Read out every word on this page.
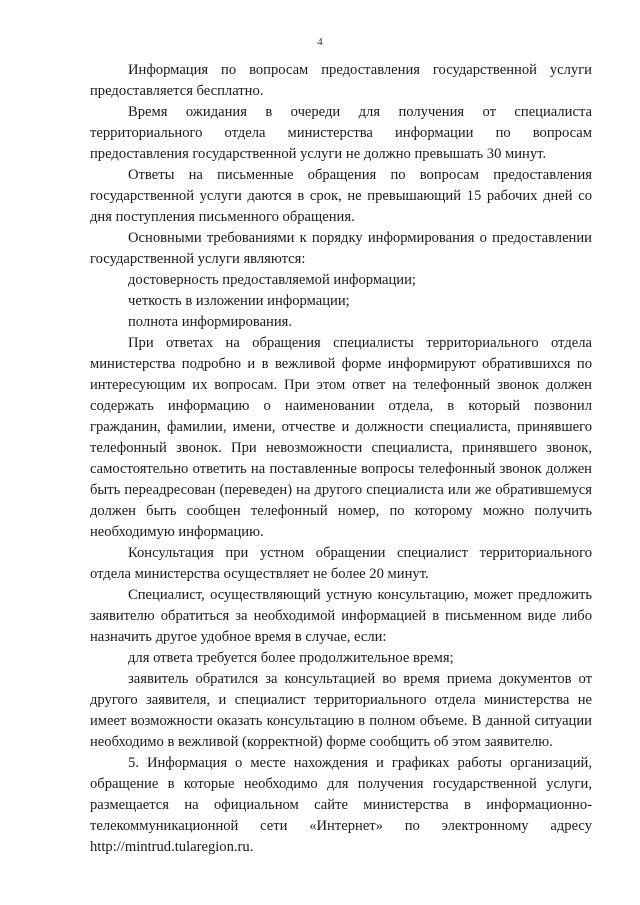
4

Информация по вопросам предоставления государственной услуги предоставляется бесплатно.

Время ожидания в очереди для получения от специалиста территориального отдела министерства информации по вопросам предоставления государственной услуги не должно превышать 30 минут.

Ответы на письменные обращения по вопросам предоставления государственной услуги даются в срок, не превышающий 15 рабочих дней со дня поступления письменного обращения.

Основными требованиями к порядку информирования о предоставлении государственной услуги являются:

достоверность предоставляемой информации;

четкость в изложении информации;

полнота информирования.

При ответах на обращения специалисты территориального отдела министерства подробно и в вежливой форме информируют обратившихся по интересующим их вопросам. При этом ответ на телефонный звонок должен содержать информацию о наименовании отдела, в который позвонил гражданин, фамилии, имени, отчестве и должности специалиста, принявшего телефонный звонок. При невозможности специалиста, принявшего звонок, самостоятельно ответить на поставленные вопросы телефонный звонок должен быть переадресован (переведен) на другого специалиста или же обратившемуся должен быть сообщен телефонный номер, по которому можно получить необходимую информацию.

Консультация при устном обращении специалист территориального отдела министерства осуществляет не более 20 минут.

Специалист, осуществляющий устную консультацию, может предложить заявителю обратиться за необходимой информацией в письменном виде либо назначить другое удобное время в случае, если:

для ответа требуется более продолжительное время;

заявитель обратился за консультацией во время приема документов от другого заявителя, и специалист территориального отдела министерства не имеет возможности оказать консультацию в полном объеме. В данной ситуации необходимо в вежливой (корректной) форме сообщить об этом заявителю.

5. Информация о месте нахождения и графиках работы организаций, обращение в которые необходимо для получения государственной услуги, размещается на официальном сайте министерства в информационно-телекоммуникационной сети «Интернет» по электронному адресу http://mintrud.tularegion.ru.
